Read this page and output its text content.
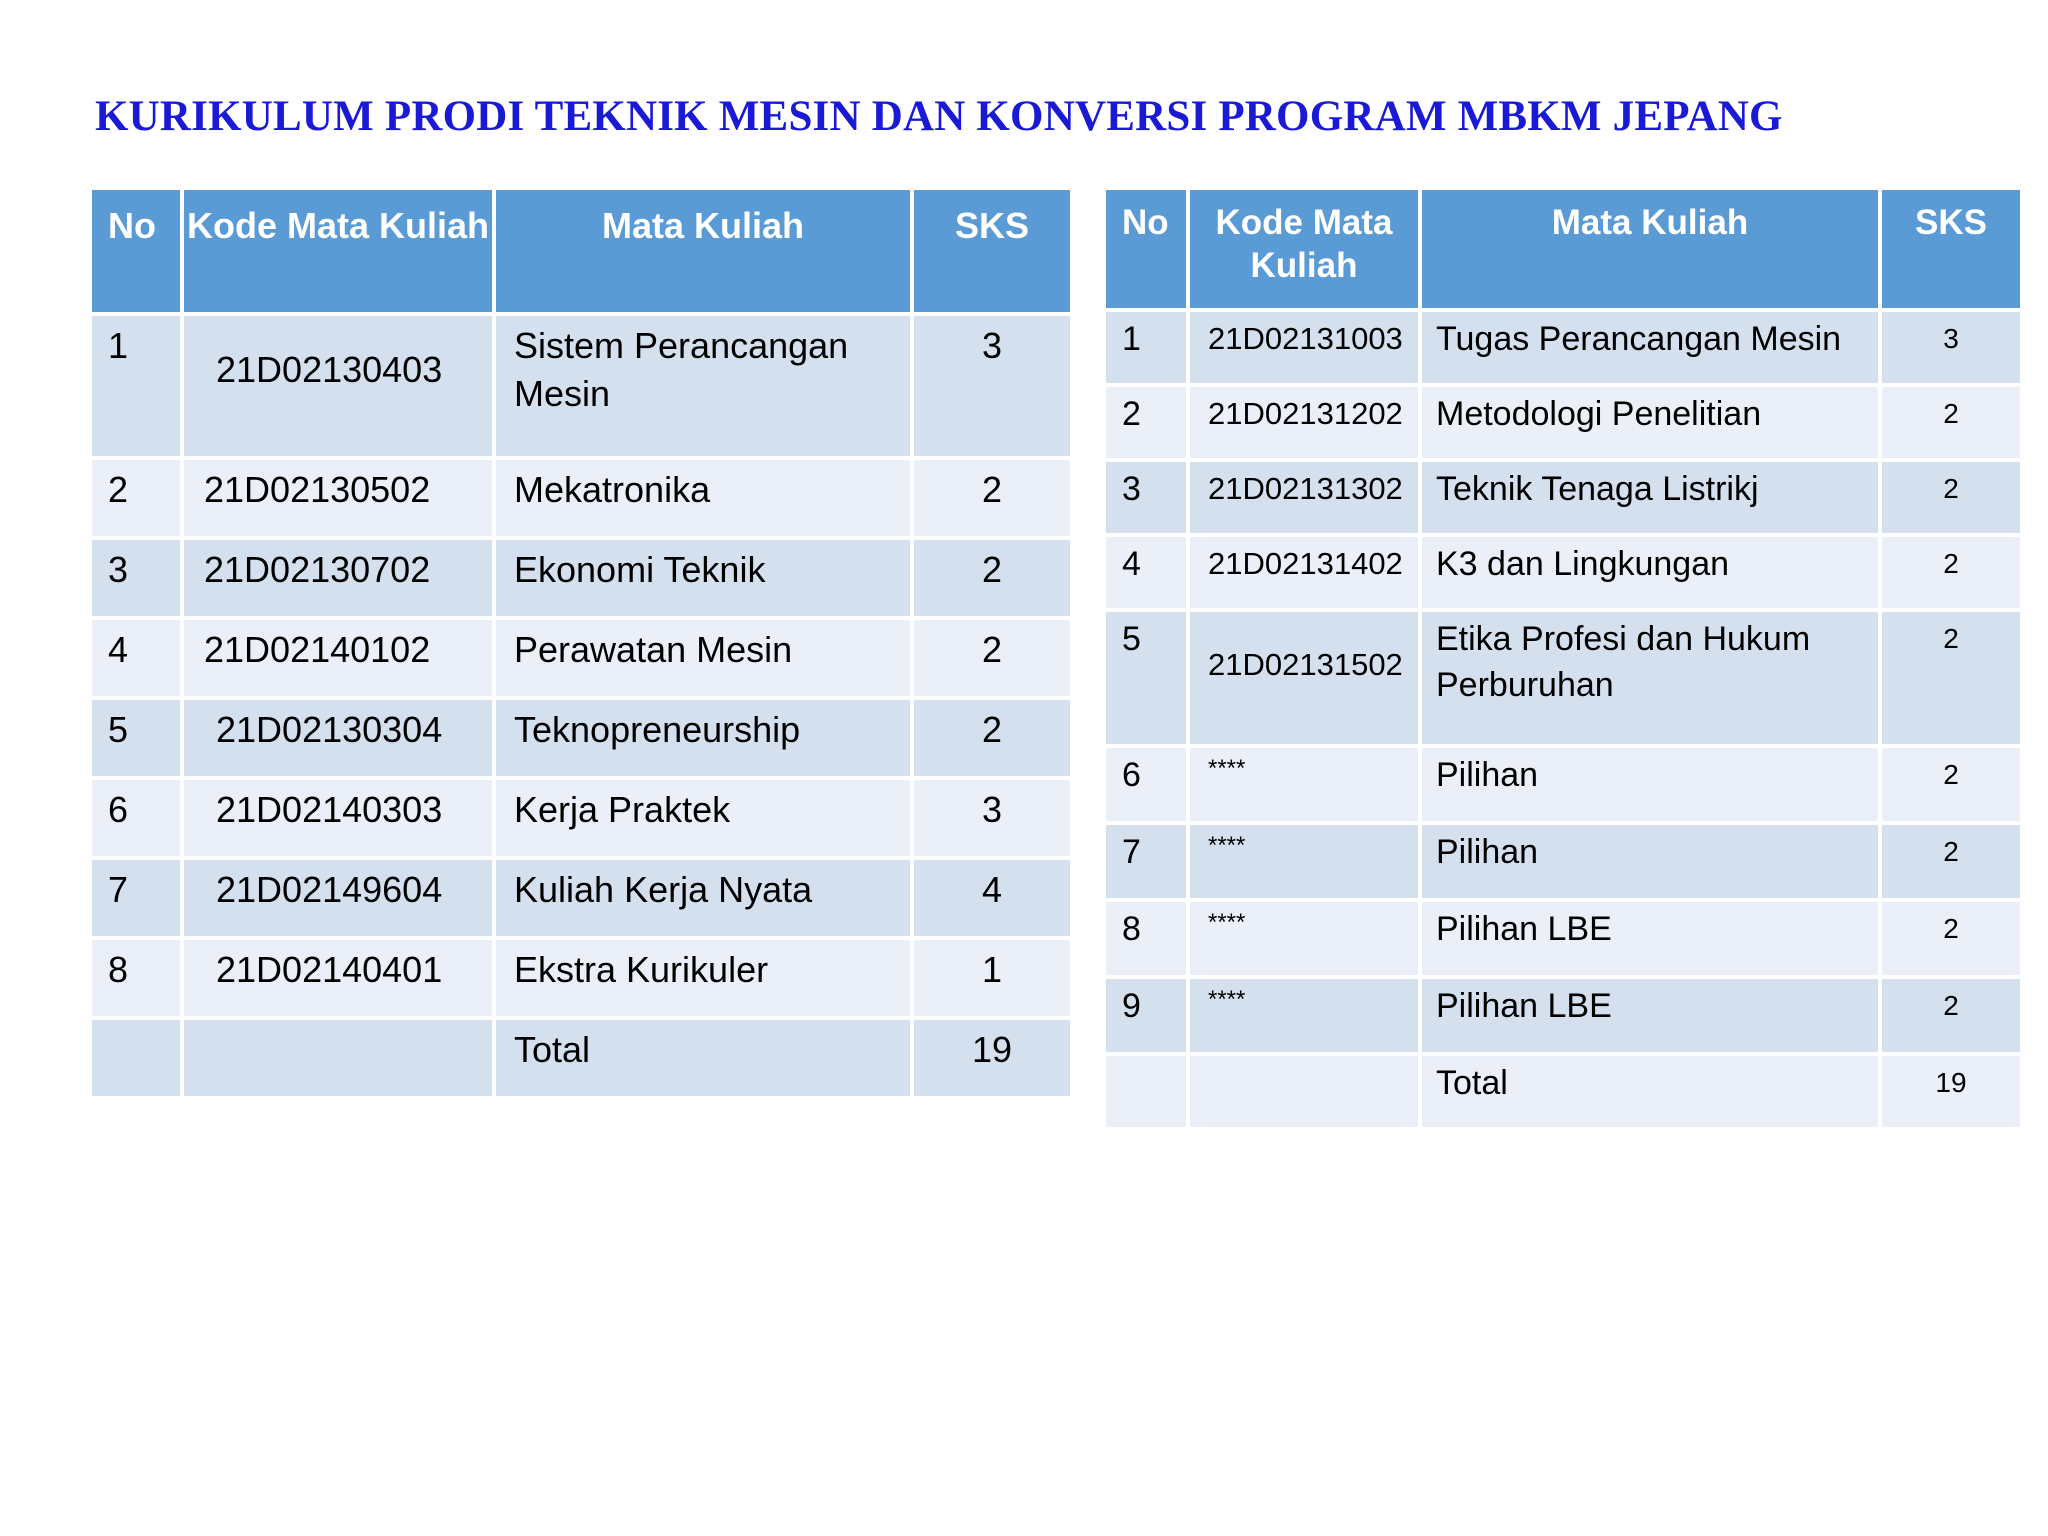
KURIKULUM PRODI TEKNIK MESIN DAN KONVERSI PROGRAM MBKM JEPANG
No	Kode Mata Kuliah	Mata Kuliah	SKS
1	21D02130403	Sistem Perancangan Mesin	3
2	21D02130502	Mekatronika	2
3	21D02130702	Ekonomi Teknik	2
4	21D02140102	Perawatan Mesin	2
5	21D02130304	Teknopreneurship	2
6	21D02140303	Kerja Praktek	3
7	21D02149604	Kuliah Kerja Nyata	4
8	21D02140401	Ekstra Kurikuler	1
		Total	19
No	Kode Mata Kuliah	Mata Kuliah	SKS
1	21D02131003	Tugas Perancangan Mesin	3
2	21D02131202	Metodologi Penelitian	2
3	21D02131302	Teknik Tenaga Listrikj	2
4	21D02131402	K3 dan Lingkungan	2
5	21D02131502	Etika Profesi dan Hukum Perburuhan	2
6	****	Pilihan	2
7	****	Pilihan	2
8	****	Pilihan LBE	2
9	****	Pilihan LBE	2
		Total	19
